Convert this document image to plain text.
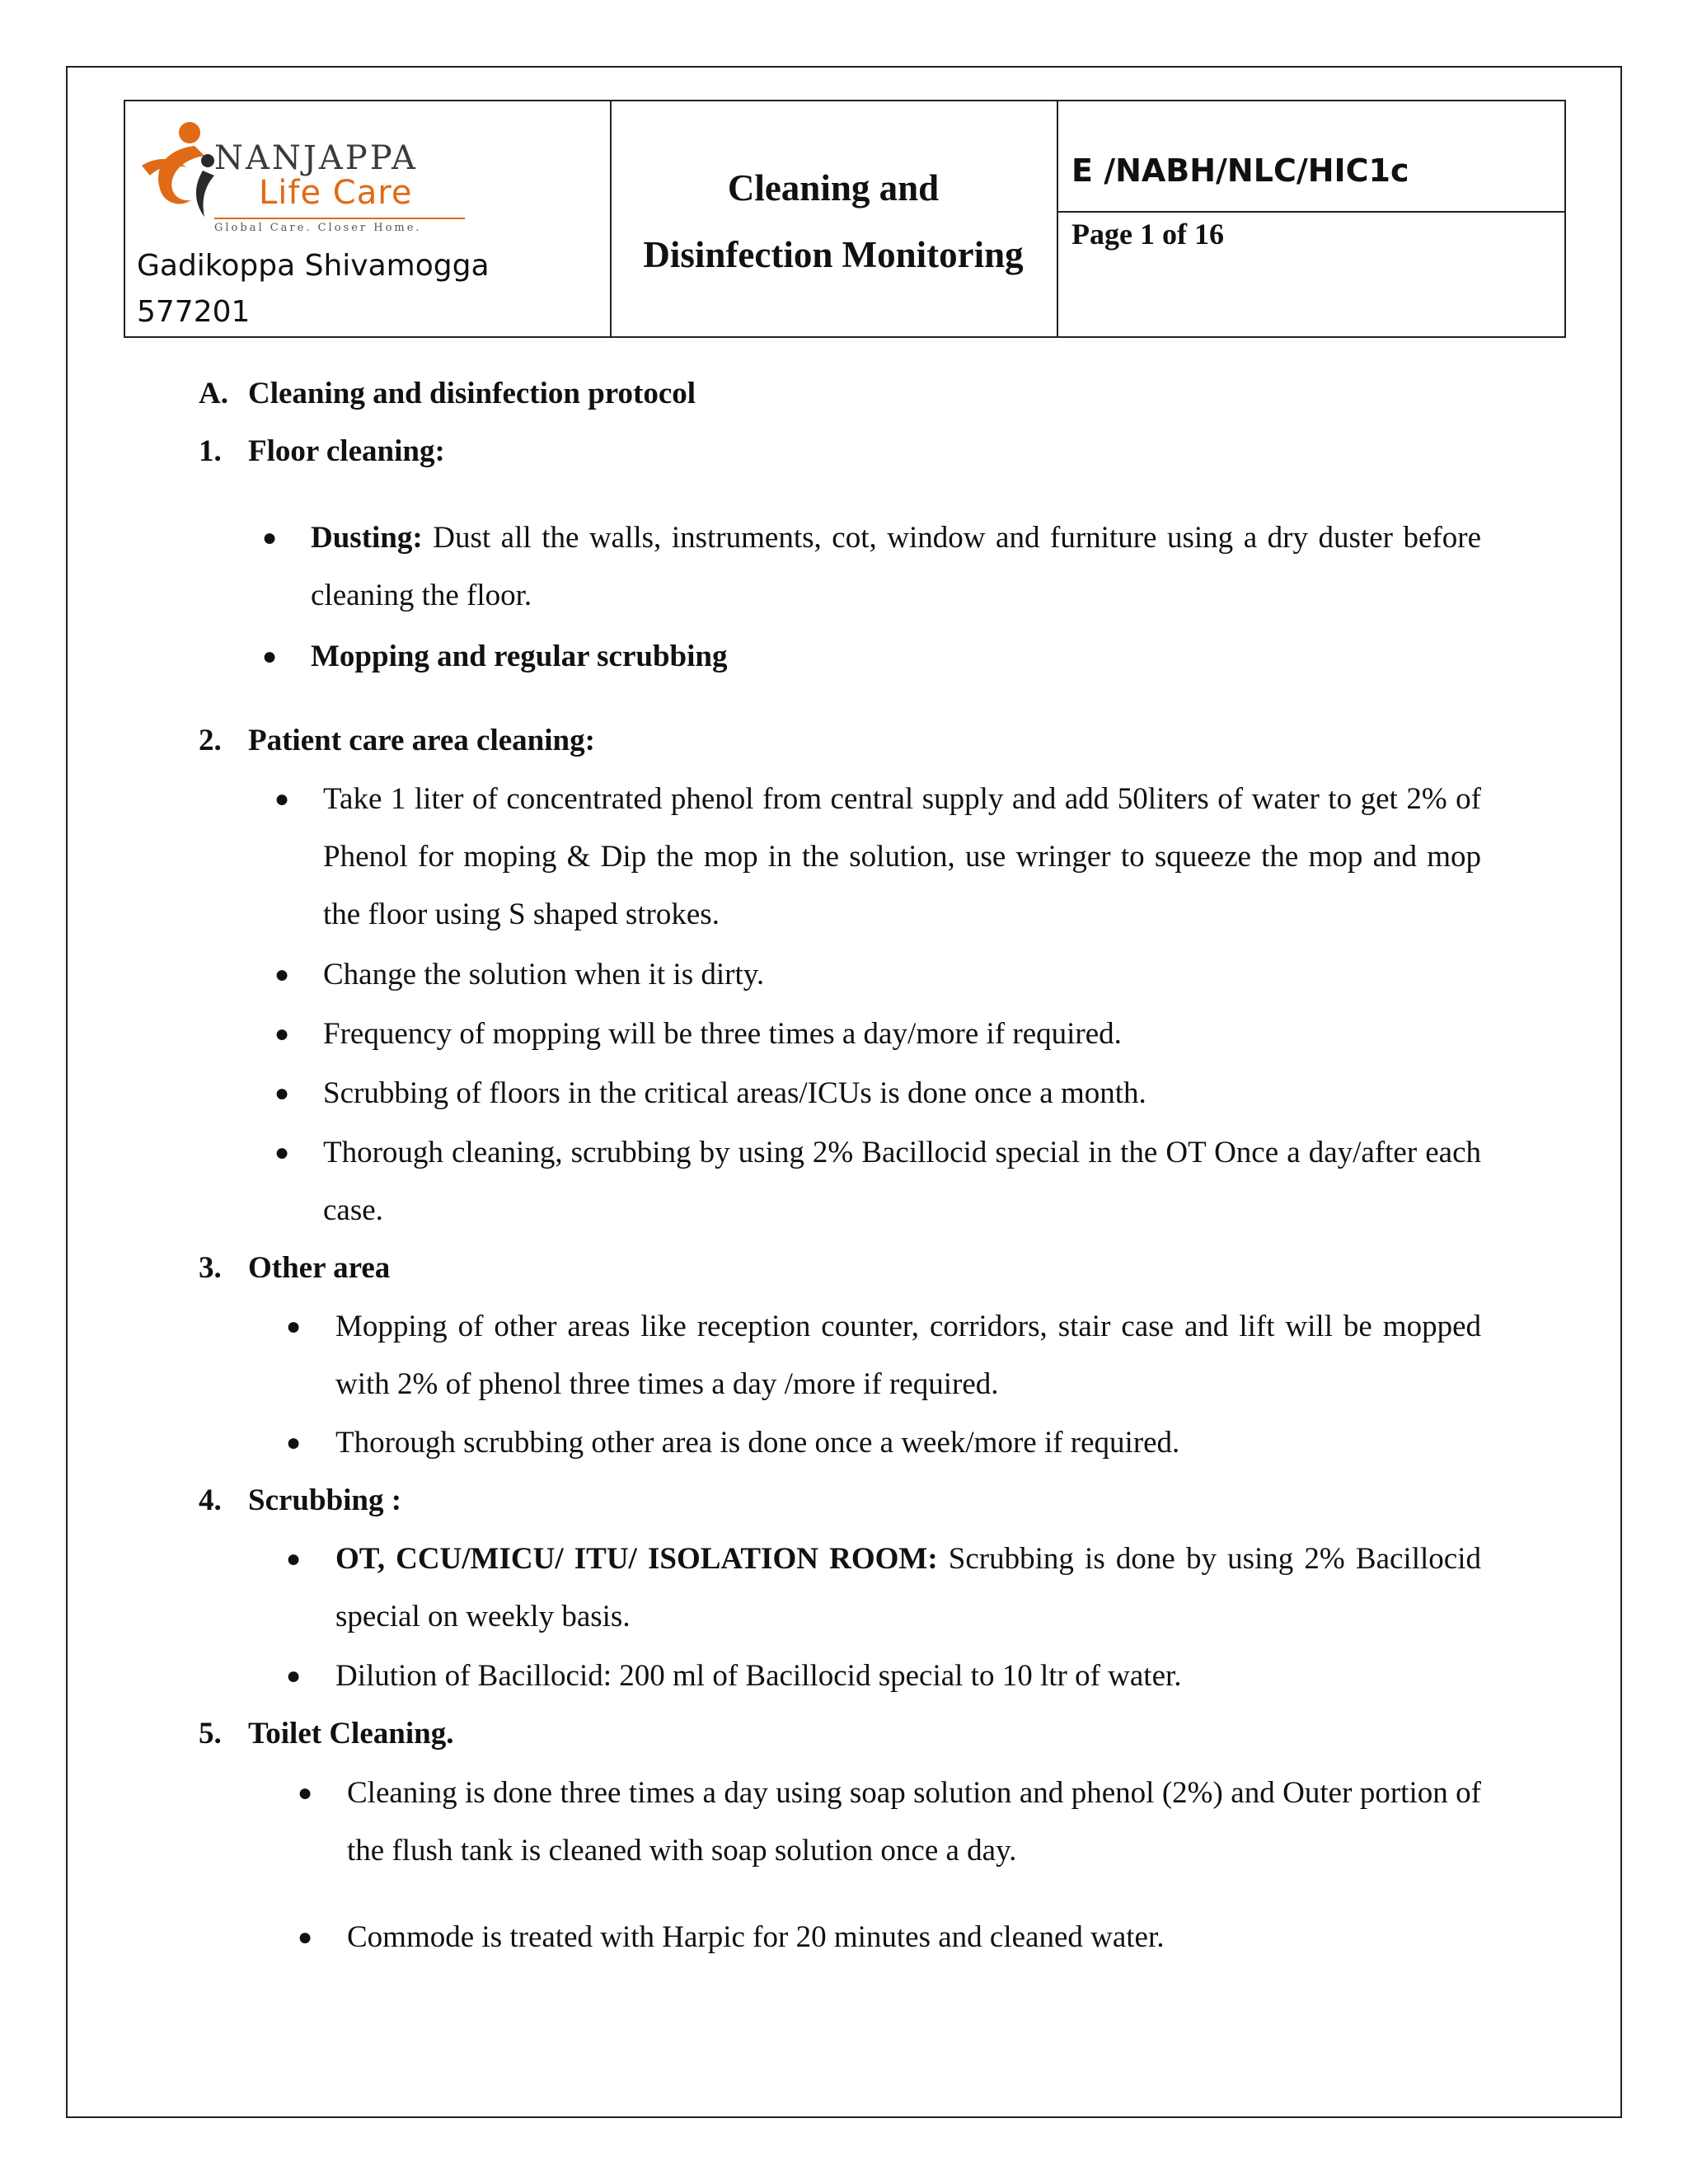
NANJAPPA
Life Care
Global Care. Closer Home.
Gadikoppa Shivamogga
577201
Cleaning and
Disinfection Monitoring
E /NABH/NLC/HIC1c
Page 1 of 16
A. Cleaning and disinfection protocol
1. Floor cleaning:
● Dusting: Dust all the walls, instruments, cot, window and furniture using a dry duster before cleaning the floor.
● Mopping and regular scrubbing
2. Patient care area cleaning:
● Take 1 liter of concentrated phenol from central supply and add 50liters of water to get 2% of Phenol for moping & Dip the mop in the solution, use wringer to squeeze the mop and mop the floor using S shaped strokes.
● Change the solution when it is dirty.
● Frequency of mopping will be three times a day/more if required.
● Scrubbing of floors in the critical areas/ICUs is done once a month.
● Thorough cleaning, scrubbing by using 2% Bacillocid special in the OT Once a day/after each case.
3. Other area
● Mopping of other areas like reception counter, corridors, stair case and lift will be mopped with 2% of phenol three times a day /more if required.
● Thorough scrubbing other area is done once a week/more if required.
4. Scrubbing :
● OT, CCU/MICU/ ITU/ ISOLATION ROOM: Scrubbing is done by using 2% Bacillocid special on weekly basis.
● Dilution of Bacillocid: 200 ml of Bacillocid special to 10 ltr of water.
5. Toilet Cleaning.
● Cleaning is done three times a day using soap solution and phenol (2%) and Outer portion of the flush tank is cleaned with soap solution once a day.
● Commode is treated with Harpic for 20 minutes and cleaned water.
